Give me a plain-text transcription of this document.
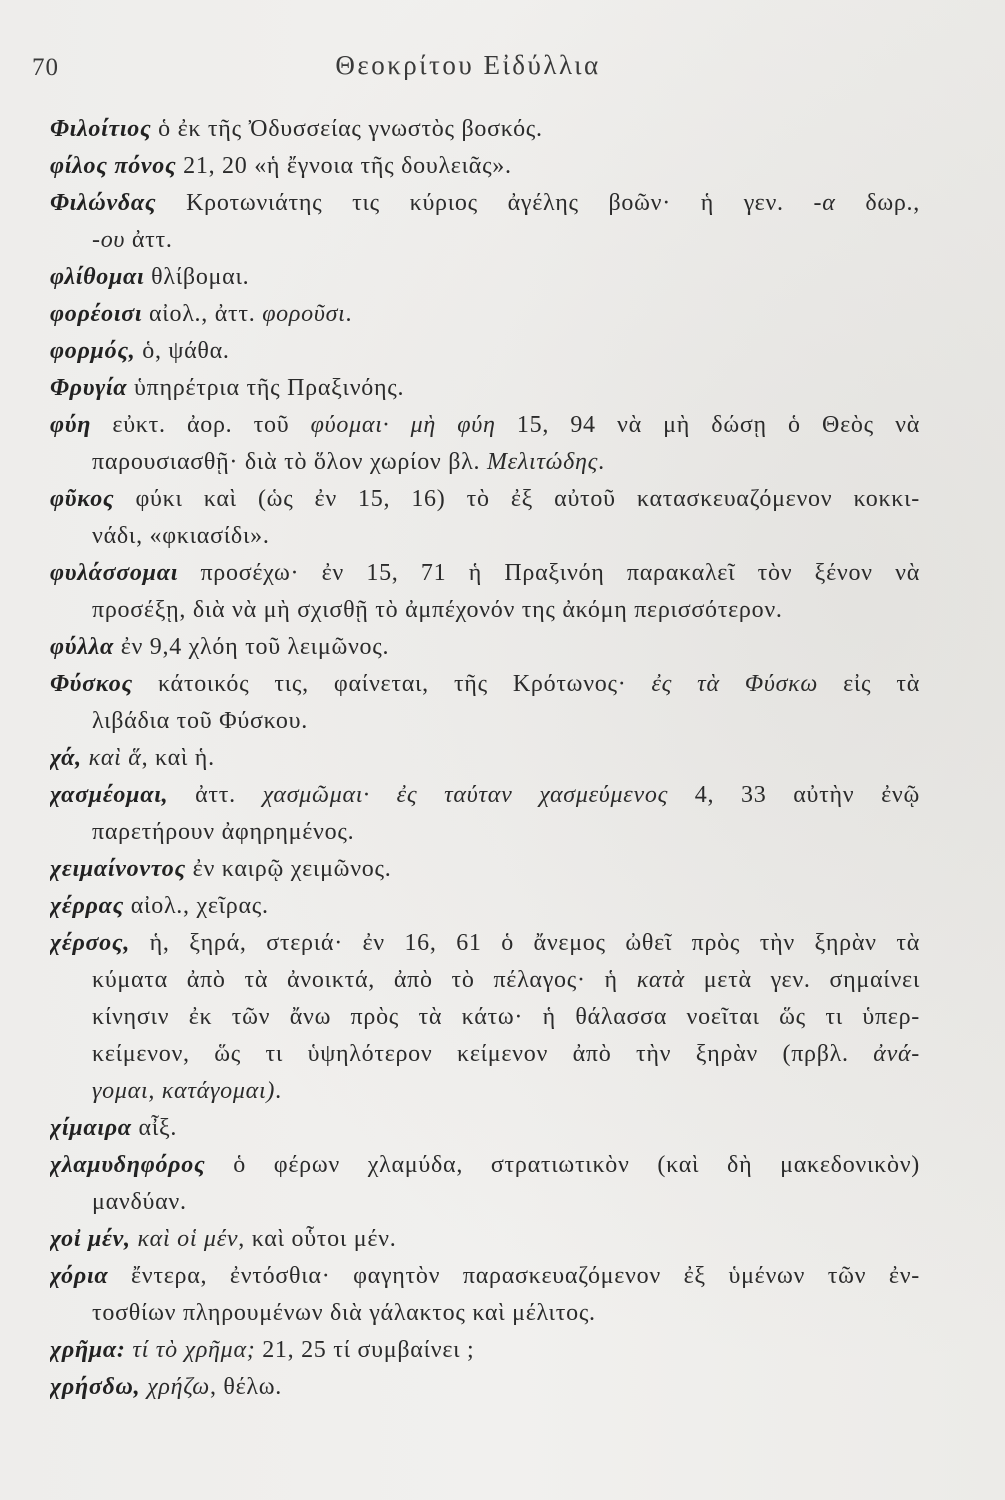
70	Θεοκρίτου Εἰδύλλια
Φιλοίτιος ὁ ἐκ τῆς Ὀδυσσείας γνωστὸς βοσκός.
φίλος πόνος 21, 20 «ἡ ἔγνοια τῆς δουλειᾶς».
Φιλώνδας Κροτωνιάτης τις κύριος ἀγέλης βοῶν· ἡ γεν. -α δωρ.,
-ου ἀττ.
φλίθομαι θλίβομαι.
φορέοισι αἰολ., ἀττ. φοροῦσι.
φορμός, ὁ, ψάθα.
Φρυγία ὑπηρέτρια τῆς Πραξινόης.
φύη εὐκτ. ἀορ. τοῦ φύομαι· μὴ φύη 15, 94 νὰ μὴ δώσῃ ὁ Θεὸς νὰ
παρουσιασθῇ· διὰ τὸ ὅλον χωρίον βλ. Μελιτώδης.
φῦκος φύκι καὶ (ὡς ἐν 15, 16) τὸ ἐξ αὐτοῦ κατασκευαζόμενον κοκκι-
νάδι, «φκιασίδι».
φυλάσσομαι προσέχω· ἐν 15, 71 ἡ Πραξινόη παρακαλεῖ τὸν ξένον νὰ
προσέξῃ, διὰ νὰ μὴ σχισθῇ τὸ ἀμπέχονόν της ἀκόμη περισσότερον.
φύλλα ἐν 9,4 χλόη τοῦ λειμῶνος.
Φύσκος κάτοικός τις, φαίνεται, τῆς Κρότωνος· ἐς τὰ Φύσκω εἰς τὰ
λιβάδια τοῦ Φύσκου.
χά, καὶ ἅ, καὶ ἡ.
χασμέομαι, ἀττ. χασμῶμαι· ἐς ταύταν χασμεύμενος 4, 33 αὐτὴν ἐνῷ
παρετήρουν ἀφηρημένος.
χειμαίνοντος ἐν καιρῷ χειμῶνος.
χέρρας αἰολ., χεῖρας.
χέρσος, ἡ, ξηρά, στεριά· ἐν 16, 61 ὁ ἄνεμος ὠθεῖ πρὸς τὴν ξηρὰν τὰ
κύματα ἀπὸ τὰ ἀνοικτά, ἀπὸ τὸ πέλαγος· ἡ κατὰ μετὰ γεν. σημαίνει
κίνησιν ἐκ τῶν ἄνω πρὸς τὰ κάτω· ἡ θάλασσα νοεῖται ὥς τι ὑπερ-
κείμενον, ὥς τι ὑψηλότερον κείμενον ἀπὸ τὴν ξηρὰν (πρβλ. ἀνά-
γομαι, κατάγομαι).
χίμαιρα αἶξ.
χλαμυδηφόρος ὁ φέρων χλαμύδα, στρατιωτικὸν (καὶ δὴ μακεδονικὸν)
μανδύαν.
χοἰ μέν, καὶ οἱ μέν, καὶ οὗτοι μέν.
χόρια ἔντερα, ἐντόσθια· φαγητὸν παρασκευαζόμενον ἐξ ὑμένων τῶν ἐν-
τοσθίων πληρουμένων διὰ γάλακτος καὶ μέλιτος.
χρῆμα: τί τὸ χρῆμα; 21, 25 τί συμβαίνει ;
χρήσδω, χρήζω, θέλω.
